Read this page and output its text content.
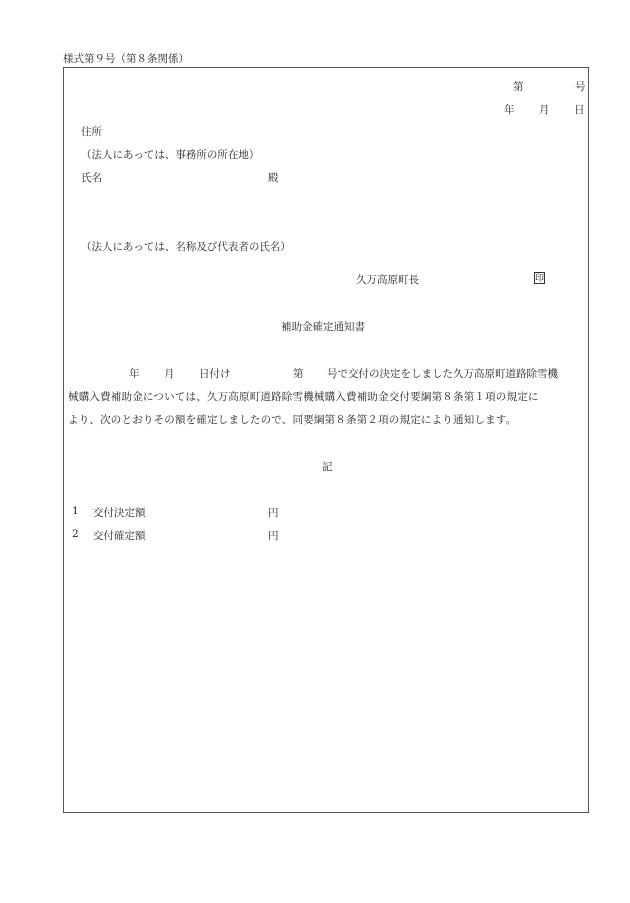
様式第９号（第８条関係）
第	号
年 月 日
住所
（法人にあっては、事務所の所在地）
氏名	殿
（法人にあっては、名称及び代表者の氏名）
久万高原町長	印
補助金確定通知書
年 月 日付け	第 号で交付の決定をしました久万高原町道路除雪機
械購入費補助金については、久万高原町道路除雪機械購入費補助金交付要綱第８条第１項の規定に
より、次のとおりその額を確定しましたので、同要綱第８条第２項の規定により通知します。
記
1 交付決定額	円
2 交付確定額	円
